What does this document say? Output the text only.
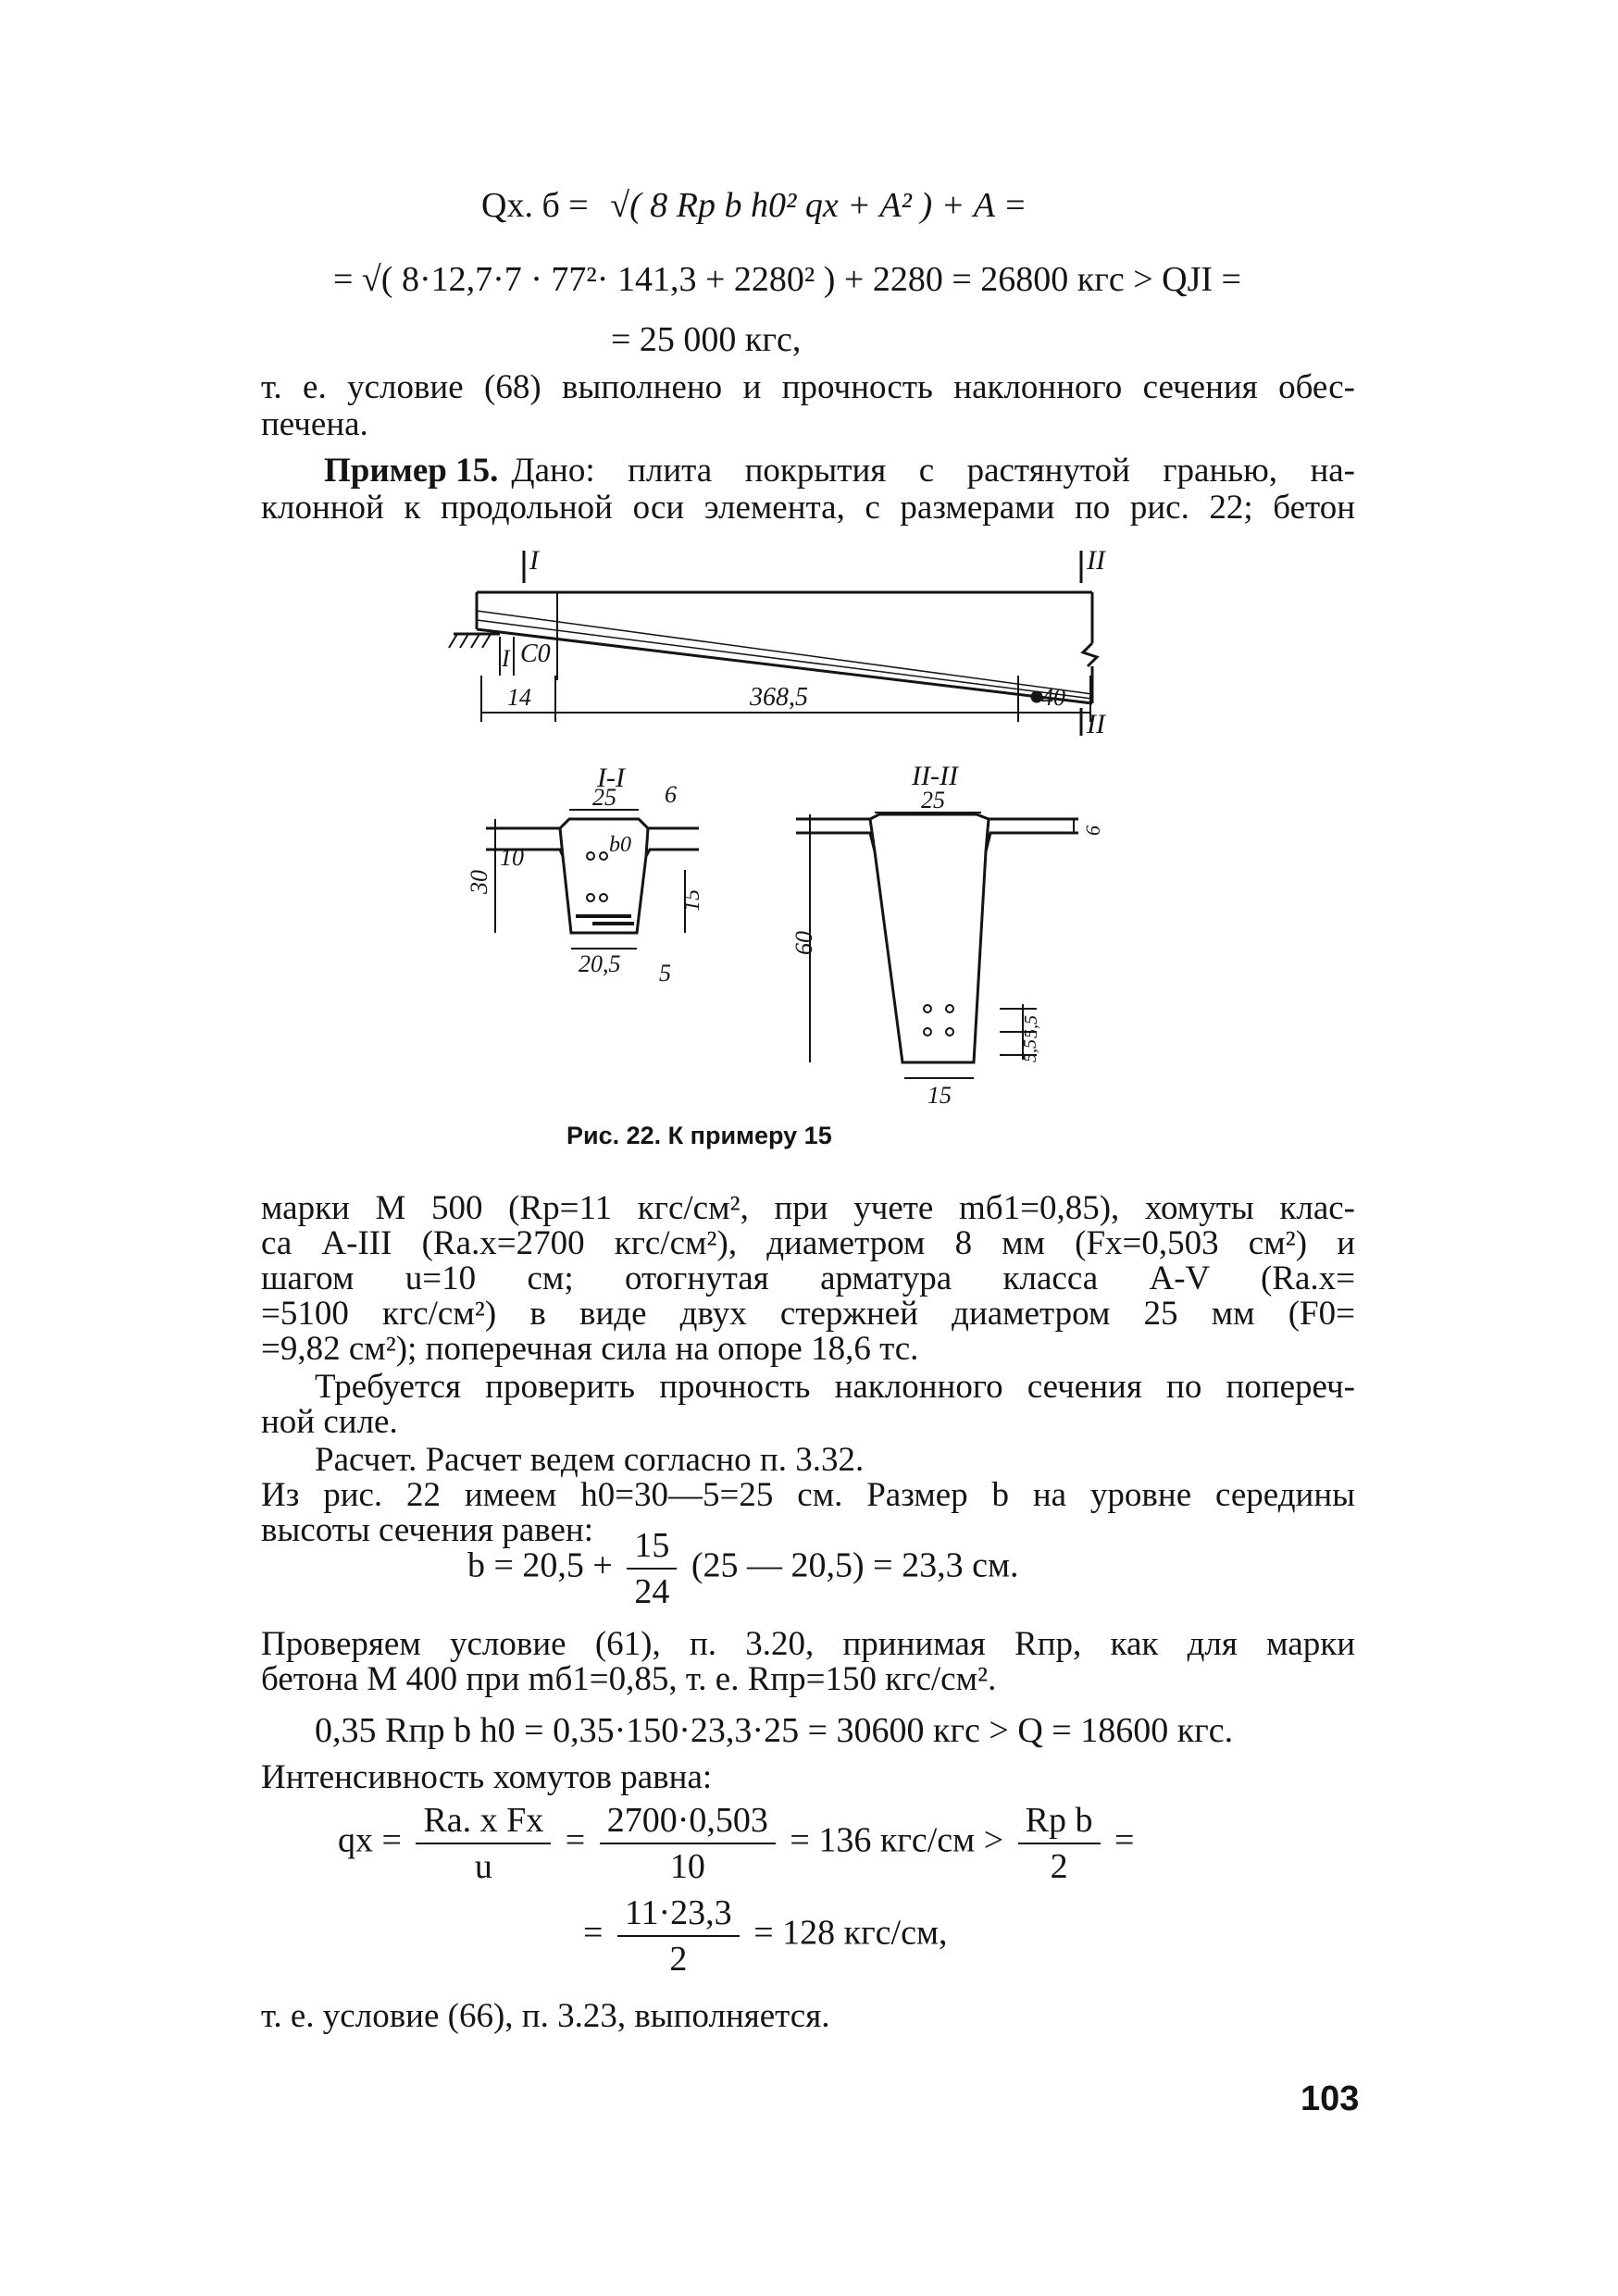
Qх. б = √( 8 Rр b h0² qх + A² ) + A =
= √( 8·12,7·7 · 77²· 141,3 + 2280² ) + 2280 = 26800 кгс > QJI =
= 25 000 кгс,
т. е. условие (68) выполнено и прочность наклонного сечения обес-
печена.
Пример 15. Дано: плита покрытия с растянутой гранью, на-
клонной к продольной оси элемента, с размерами по рис. 22; бетон
I	II
I C0
14	368,5	40
II
I-I
25 6
30
10	b0
15
20,5 5
II-II
25
6
60
5,5
5,5
15
Рис. 22. К примеру 15
марки М 500 (Rр=11 кгс/см², при учете mб1=0,85), хомуты клас-
са А-III (Rа.х=2700 кгс/см²), диаметром 8 мм (Fх=0,503 см²) и
шагом u=10 см; отогнутая арматура класса А-V (Rа.х=
=5100 кгс/см²) в виде двух стержней диаметром 25 мм (F0=
=9,82 см²); поперечная сила на опоре 18,6 тс.
Требуется проверить прочность наклонного сечения по попереч-
ной силе.
Расчет. Расчет ведем согласно п. 3.32.
Из рис. 22 имеем h0=30—5=25 см. Размер b на уровне середины
высоты сечения равен:
$b = 20,5 + \frac{15}{24} (25$ — 20,5) = 23,3 см.
Проверяем условие (61), п. 3.20, принимая Rпр, как для марки
бетона М 400 при mб1=0,85, т. е. Rпр=150 кгс/см².
0,35 Rпр b h0 = 0,35·150·23,3·25 = 30600 кгс > Q = 18600 кгс.
Интенсивность хомутов равна:
qх = $\frac{\text{Rа. х Fх}}{u} = \frac{2700\cdot 0,503}{10} = 136$ $кгс/см > \frac{\text{Rр b}}{2}$ =
= $\frac{11\cdot 23,3}{2} = 128$ кгс/см,
т. е. условие (66), п. 3.23, выполняется.
103
